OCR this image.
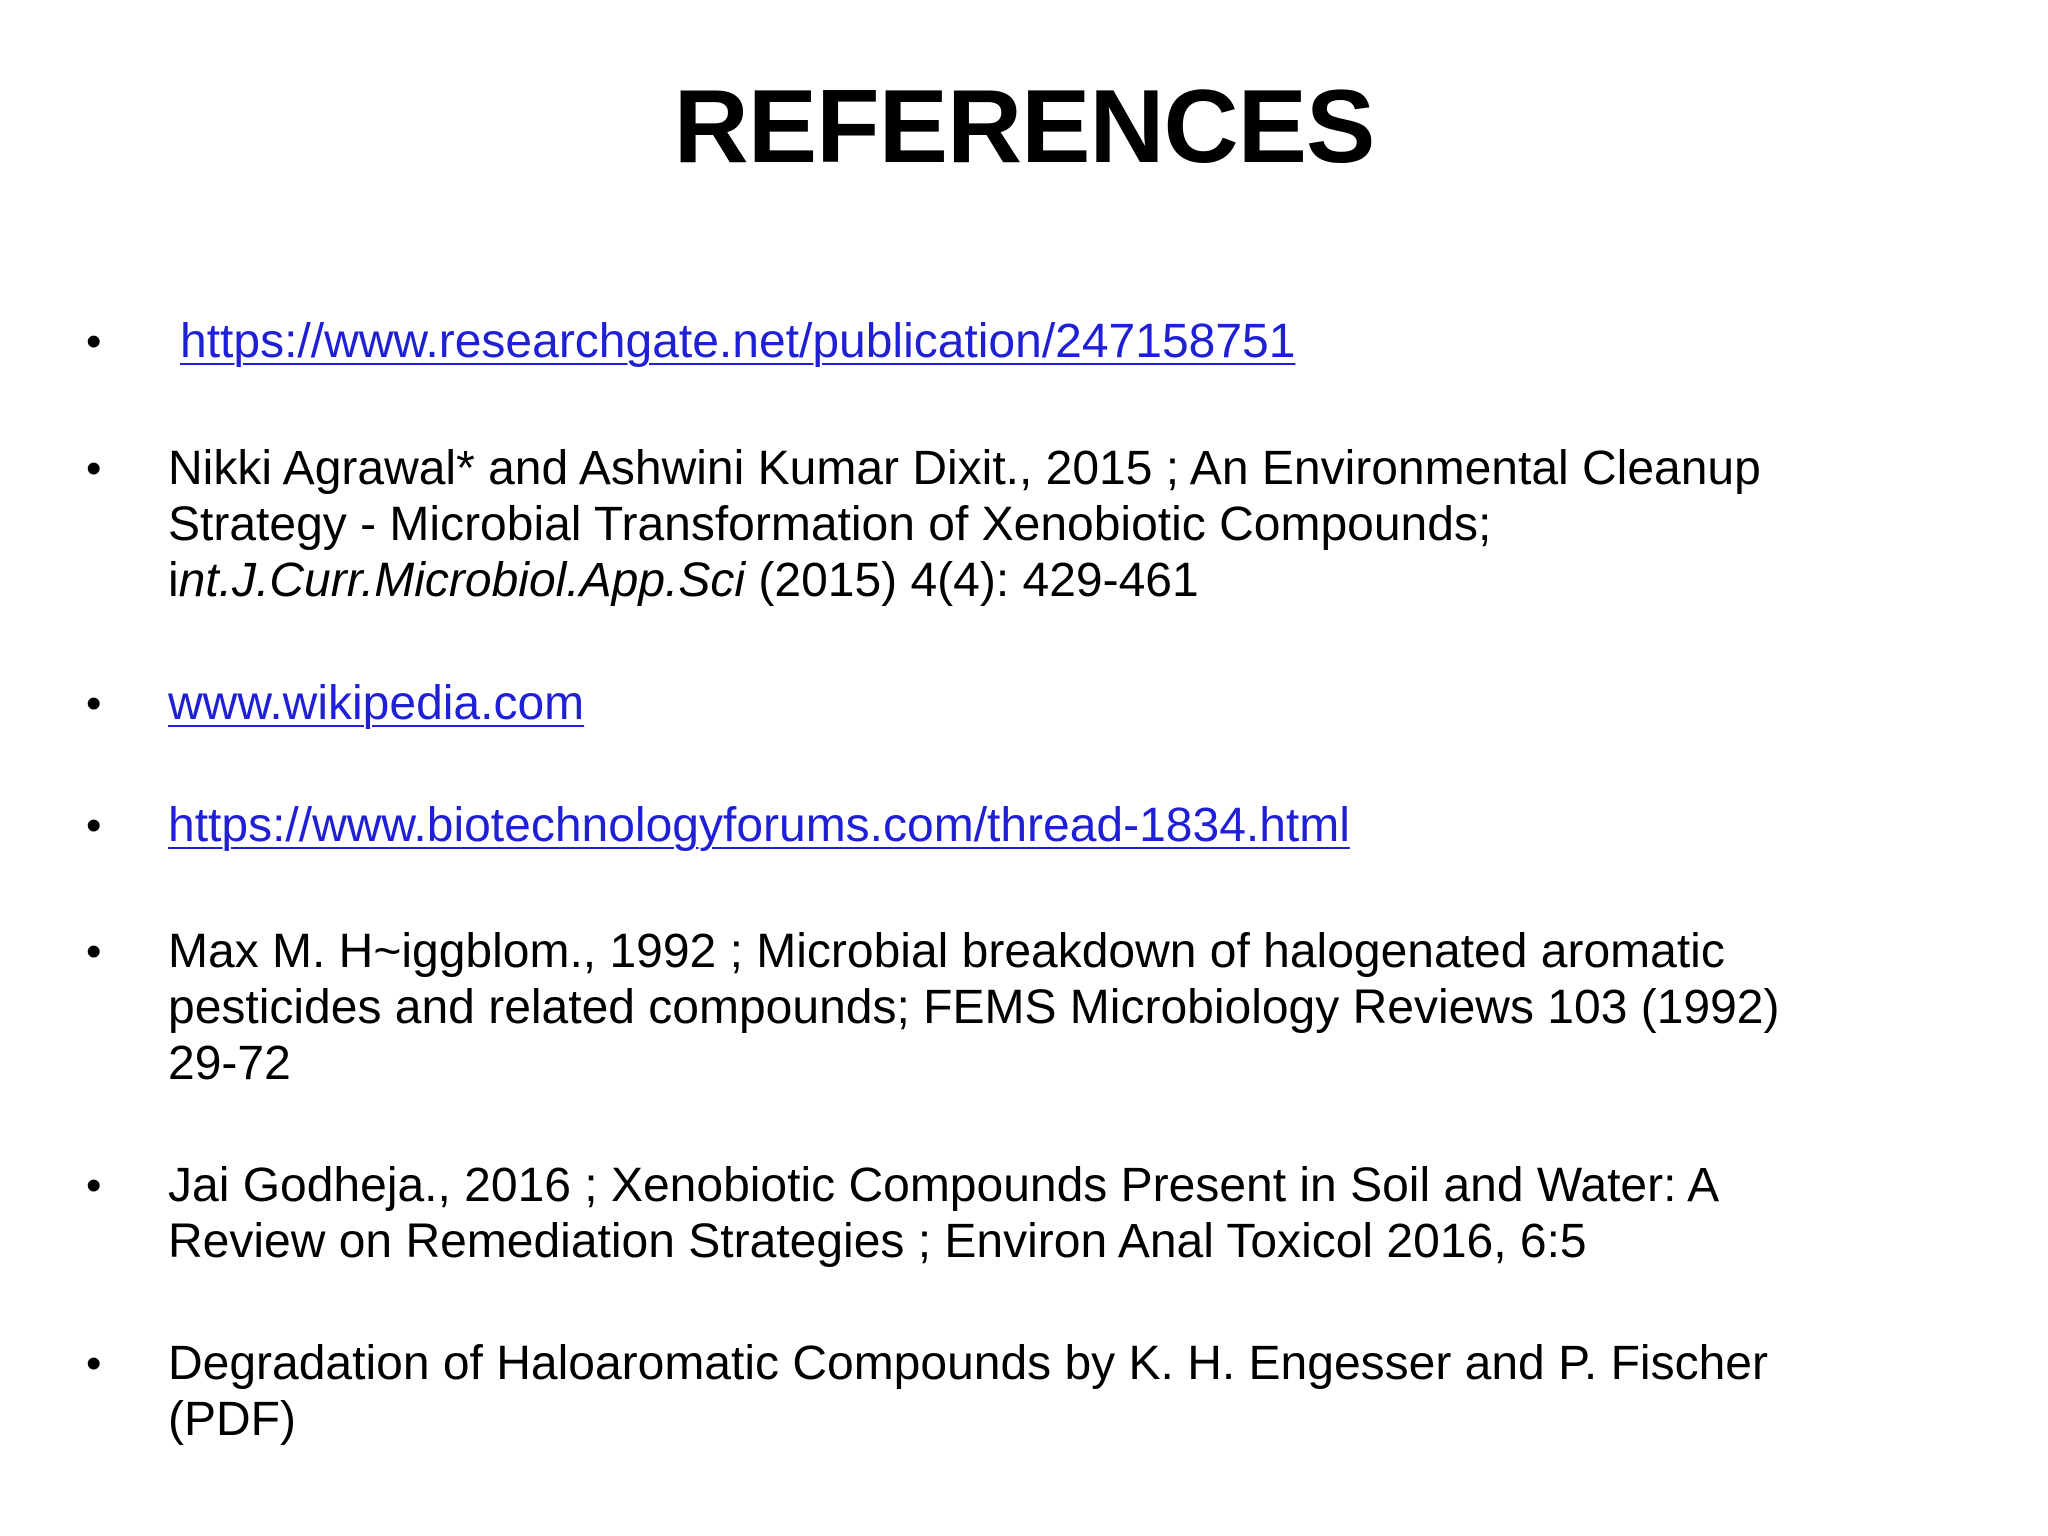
REFERENCES
•	https://www.researchgate.net/publication/247158751
•	Nikki Agrawal* and Ashwini Kumar Dixit., 2015 ; An Environmental Cleanup
Strategy - Microbial Transformation of Xenobiotic Compounds;
int.J.Curr.Microbiol.App.Sci (2015) 4(4): 429-461
•	www.wikipedia.com
•	https://www.biotechnologyforums.com/thread-1834.html
•	Max M. H~iggblom., 1992 ; Microbial breakdown of halogenated aromatic
pesticides and related compounds; FEMS Microbiology Reviews 103 (1992)
29-72
•	Jai Godheja., 2016 ; Xenobiotic Compounds Present in Soil and Water: A
Review on Remediation Strategies ; Environ Anal Toxicol 2016, 6:5
•	Degradation of Haloaromatic Compounds by K. H. Engesser and P. Fischer
(PDF)
